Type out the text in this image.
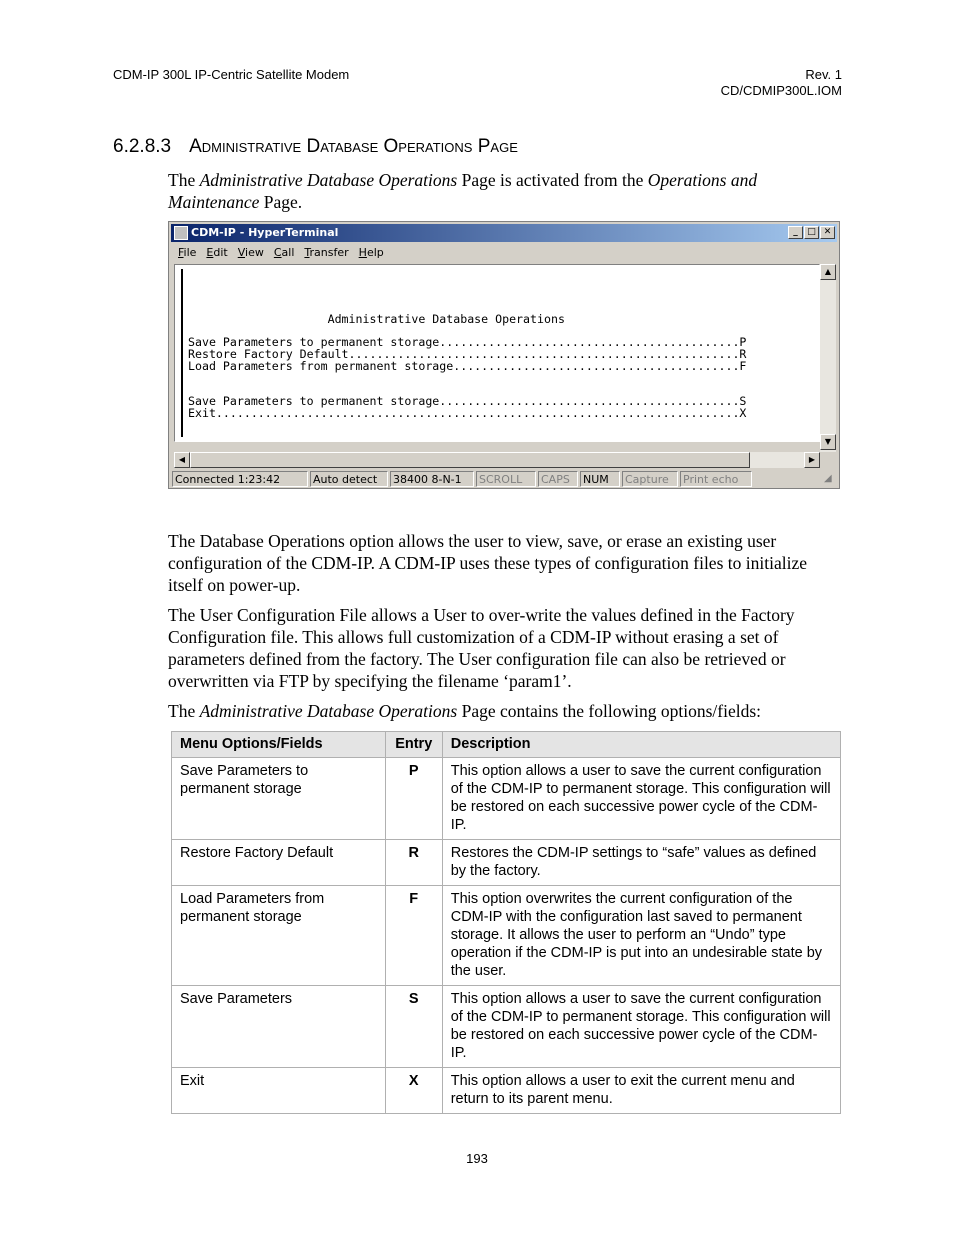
CDM-IP 300L IP-Centric Satellite Modem	Rev. 1
CD/CDMIP300L.IOM
6.2.8.3 Administrative Database Operations Page

The Administrative Database Operations Page is activated from the Operations and Maintenance Page.

CDM-IP - HyperTerminal	_	□ ✕
File Edit View Call Transfer Help

Administrative Database Operations

Save Parameters to permanent storage...........................................P

Restore Factory Default........................................................R

Load Parameters from permanent storage.........................................F

Save Parameters to permanent storage...........................................S

Exit...........................................................................X

▲
▼
◀	▶
Connected 1:23:42	Auto detect	38400 8-N-1	SCROLL	CAPS	NUM	Capture	Print echo	◢

The Database Operations option allows the user to view, save, or erase an existing user configuration of the CDM-IP. A CDM-IP uses these types of configuration files to initialize itself on power-up.

The User Configuration File allows a User to over-write the values defined in the Factory Configuration file. This allows full customization of a CDM-IP without erasing a set of parameters defined from the factory. The User configuration file can also be retrieved or overwritten via FTP by specifying the filename ‘param1’.

The Administrative Database Operations Page contains the following options/fields:

Menu Options/Fields	Entry	Description
Save Parameters to permanent storage	P	This option allows a user to save the current configuration of the CDM-IP to permanent storage. This configuration will be restored on each successive power cycle of the CDM-IP.
Restore Factory Default	R	Restores the CDM-IP settings to “safe” values as defined by the factory.
Load Parameters from permanent storage	F	This option overwrites the current configuration of the CDM-IP with the configuration last saved to permanent storage. It allows the user to perform an “Undo” type operation if the CDM-IP is put into an undesirable state by the user.
Save Parameters	S	This option allows a user to save the current configuration of the CDM-IP to permanent storage. This configuration will be restored on each successive power cycle of the CDM-IP.
Exit	X	This option allows a user to exit the current menu and return to its parent menu.
193
